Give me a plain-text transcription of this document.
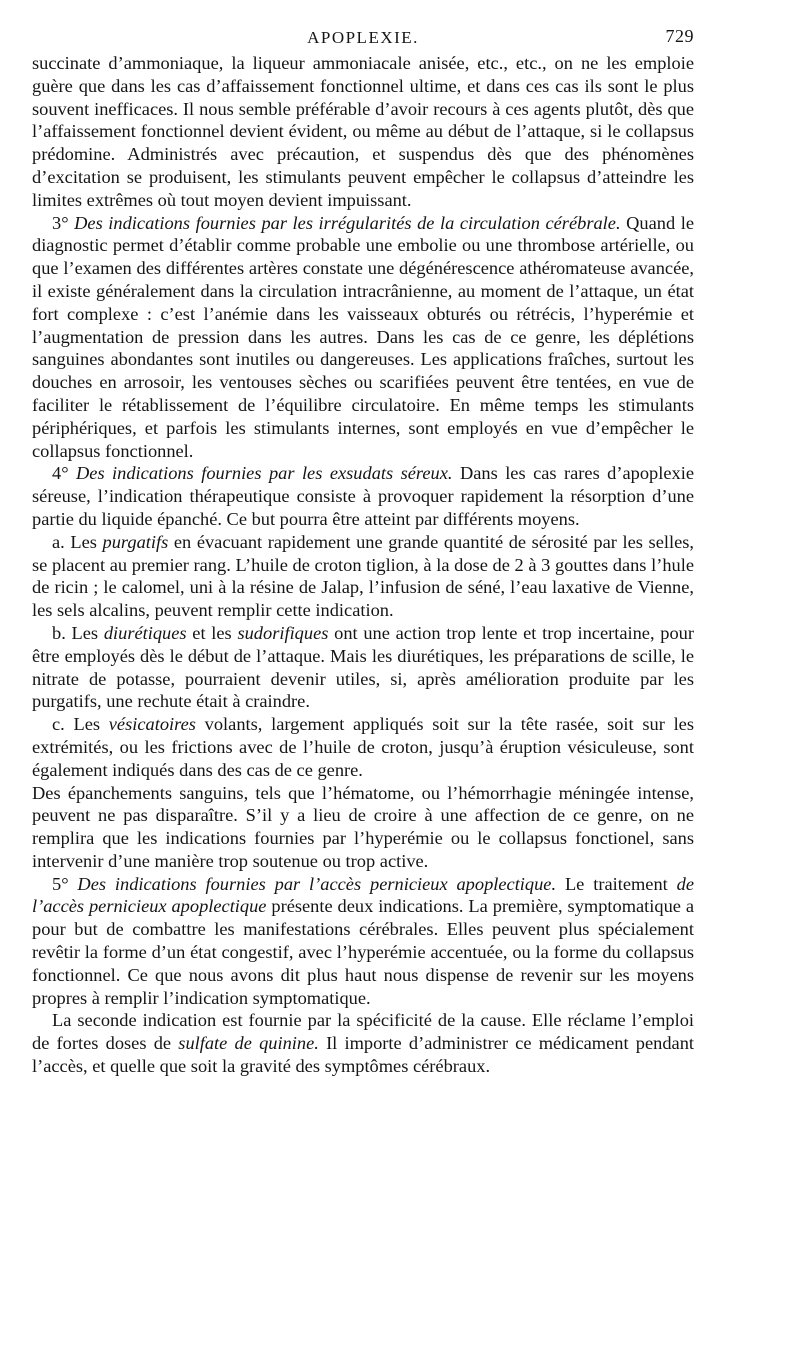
APOPLEXIE.	729

succinate d’ammoniaque, la liqueur ammoniacale anisée, etc., etc., on ne les emploie guère que dans les cas d’affaissement fonctionnel ultime, et dans ces cas ils sont le plus souvent inefficaces. Il nous semble préférable d’avoir recours à ces agents plutôt, dès que l’affaissement fonctionnel devient évident, ou même au début de l’attaque, si le collapsus prédomine. Administrés avec précaution, et suspendus dès que des phénomènes d’excitation se produisent, les stimulants peuvent empêcher le collapsus d’atteindre les limites extrêmes où tout moyen devient impuissant.

3° Des indications fournies par les irrégularités de la circulation cérébrale. Quand le diagnostic permet d’établir comme probable une embolie ou une thrombose artérielle, ou que l’examen des différentes artères constate une dégénérescence athéromateuse avancée, il existe généralement dans la circulation intracrânienne, au moment de l’attaque, un état fort complexe : c’est l’anémie dans les vaisseaux obturés ou rétrécis, l’hyperémie et l’augmentation de pression dans les autres. Dans les cas de ce genre, les déplétions sanguines abondantes sont inutiles ou dangereuses. Les applications fraîches, surtout les douches en arrosoir, les ventouses sèches ou scarifiées peuvent être tentées, en vue de faciliter le rétablissement de l’équilibre circulatoire. En même temps les stimulants périphériques, et parfois les stimulants internes, sont employés en vue d’empêcher le collapsus fonctionnel.

4° Des indications fournies par les exsudats séreux. Dans les cas rares d’apoplexie séreuse, l’indication thérapeutique consiste à provoquer rapidement la résorption d’une partie du liquide épanché. Ce but pourra être atteint par différents moyens.

a. Les purgatifs en évacuant rapidement une grande quantité de sérosité par les selles, se placent au premier rang. L’huile de croton tiglion, à la dose de 2 à 3 gouttes dans l’hule de ricin ; le calomel, uni à la résine de Jalap, l’infusion de séné, l’eau laxative de Vienne, les sels alcalins, peuvent remplir cette indication.

b. Les diurétiques et les sudorifiques ont une action trop lente et trop incertaine, pour être employés dès le début de l’attaque. Mais les diurétiques, les préparations de scille, le nitrate de potasse, pourraient devenir utiles, si, après amélioration produite par les purgatifs, une rechute était à craindre.

c. Les vésicatoires volants, largement appliqués soit sur la tête rasée, soit sur les extrémités, ou les frictions avec de l’huile de croton, jusqu’à éruption vésiculeuse, sont également indiqués dans des cas de ce genre.

Des épanchements sanguins, tels que l’hématome, ou l’hémorrhagie méningée intense, peuvent ne pas disparaître. S’il y a lieu de croire à une affection de ce genre, on ne remplira que les indications fournies par l’hyperémie ou le collapsus fonctionel, sans intervenir d’une manière trop soutenue ou trop active.

5° Des indications fournies par l’accès pernicieux apoplectique. Le traitement de l’accès pernicieux apoplectique présente deux indications. La première, symptomatique a pour but de combattre les manifestations cérébrales. Elles peuvent plus spécialement revêtir la forme d’un état congestif, avec l’hyperémie accentuée, ou la forme du collapsus fonctionnel. Ce que nous avons dit plus haut nous dispense de revenir sur les moyens propres à remplir l’indication symptomatique.

La seconde indication est fournie par la spécificité de la cause. Elle réclame l’emploi de fortes doses de sulfate de quinine. Il importe d’administrer ce médicament pendant l’accès, et quelle que soit la gravité des symptômes cérébraux.
